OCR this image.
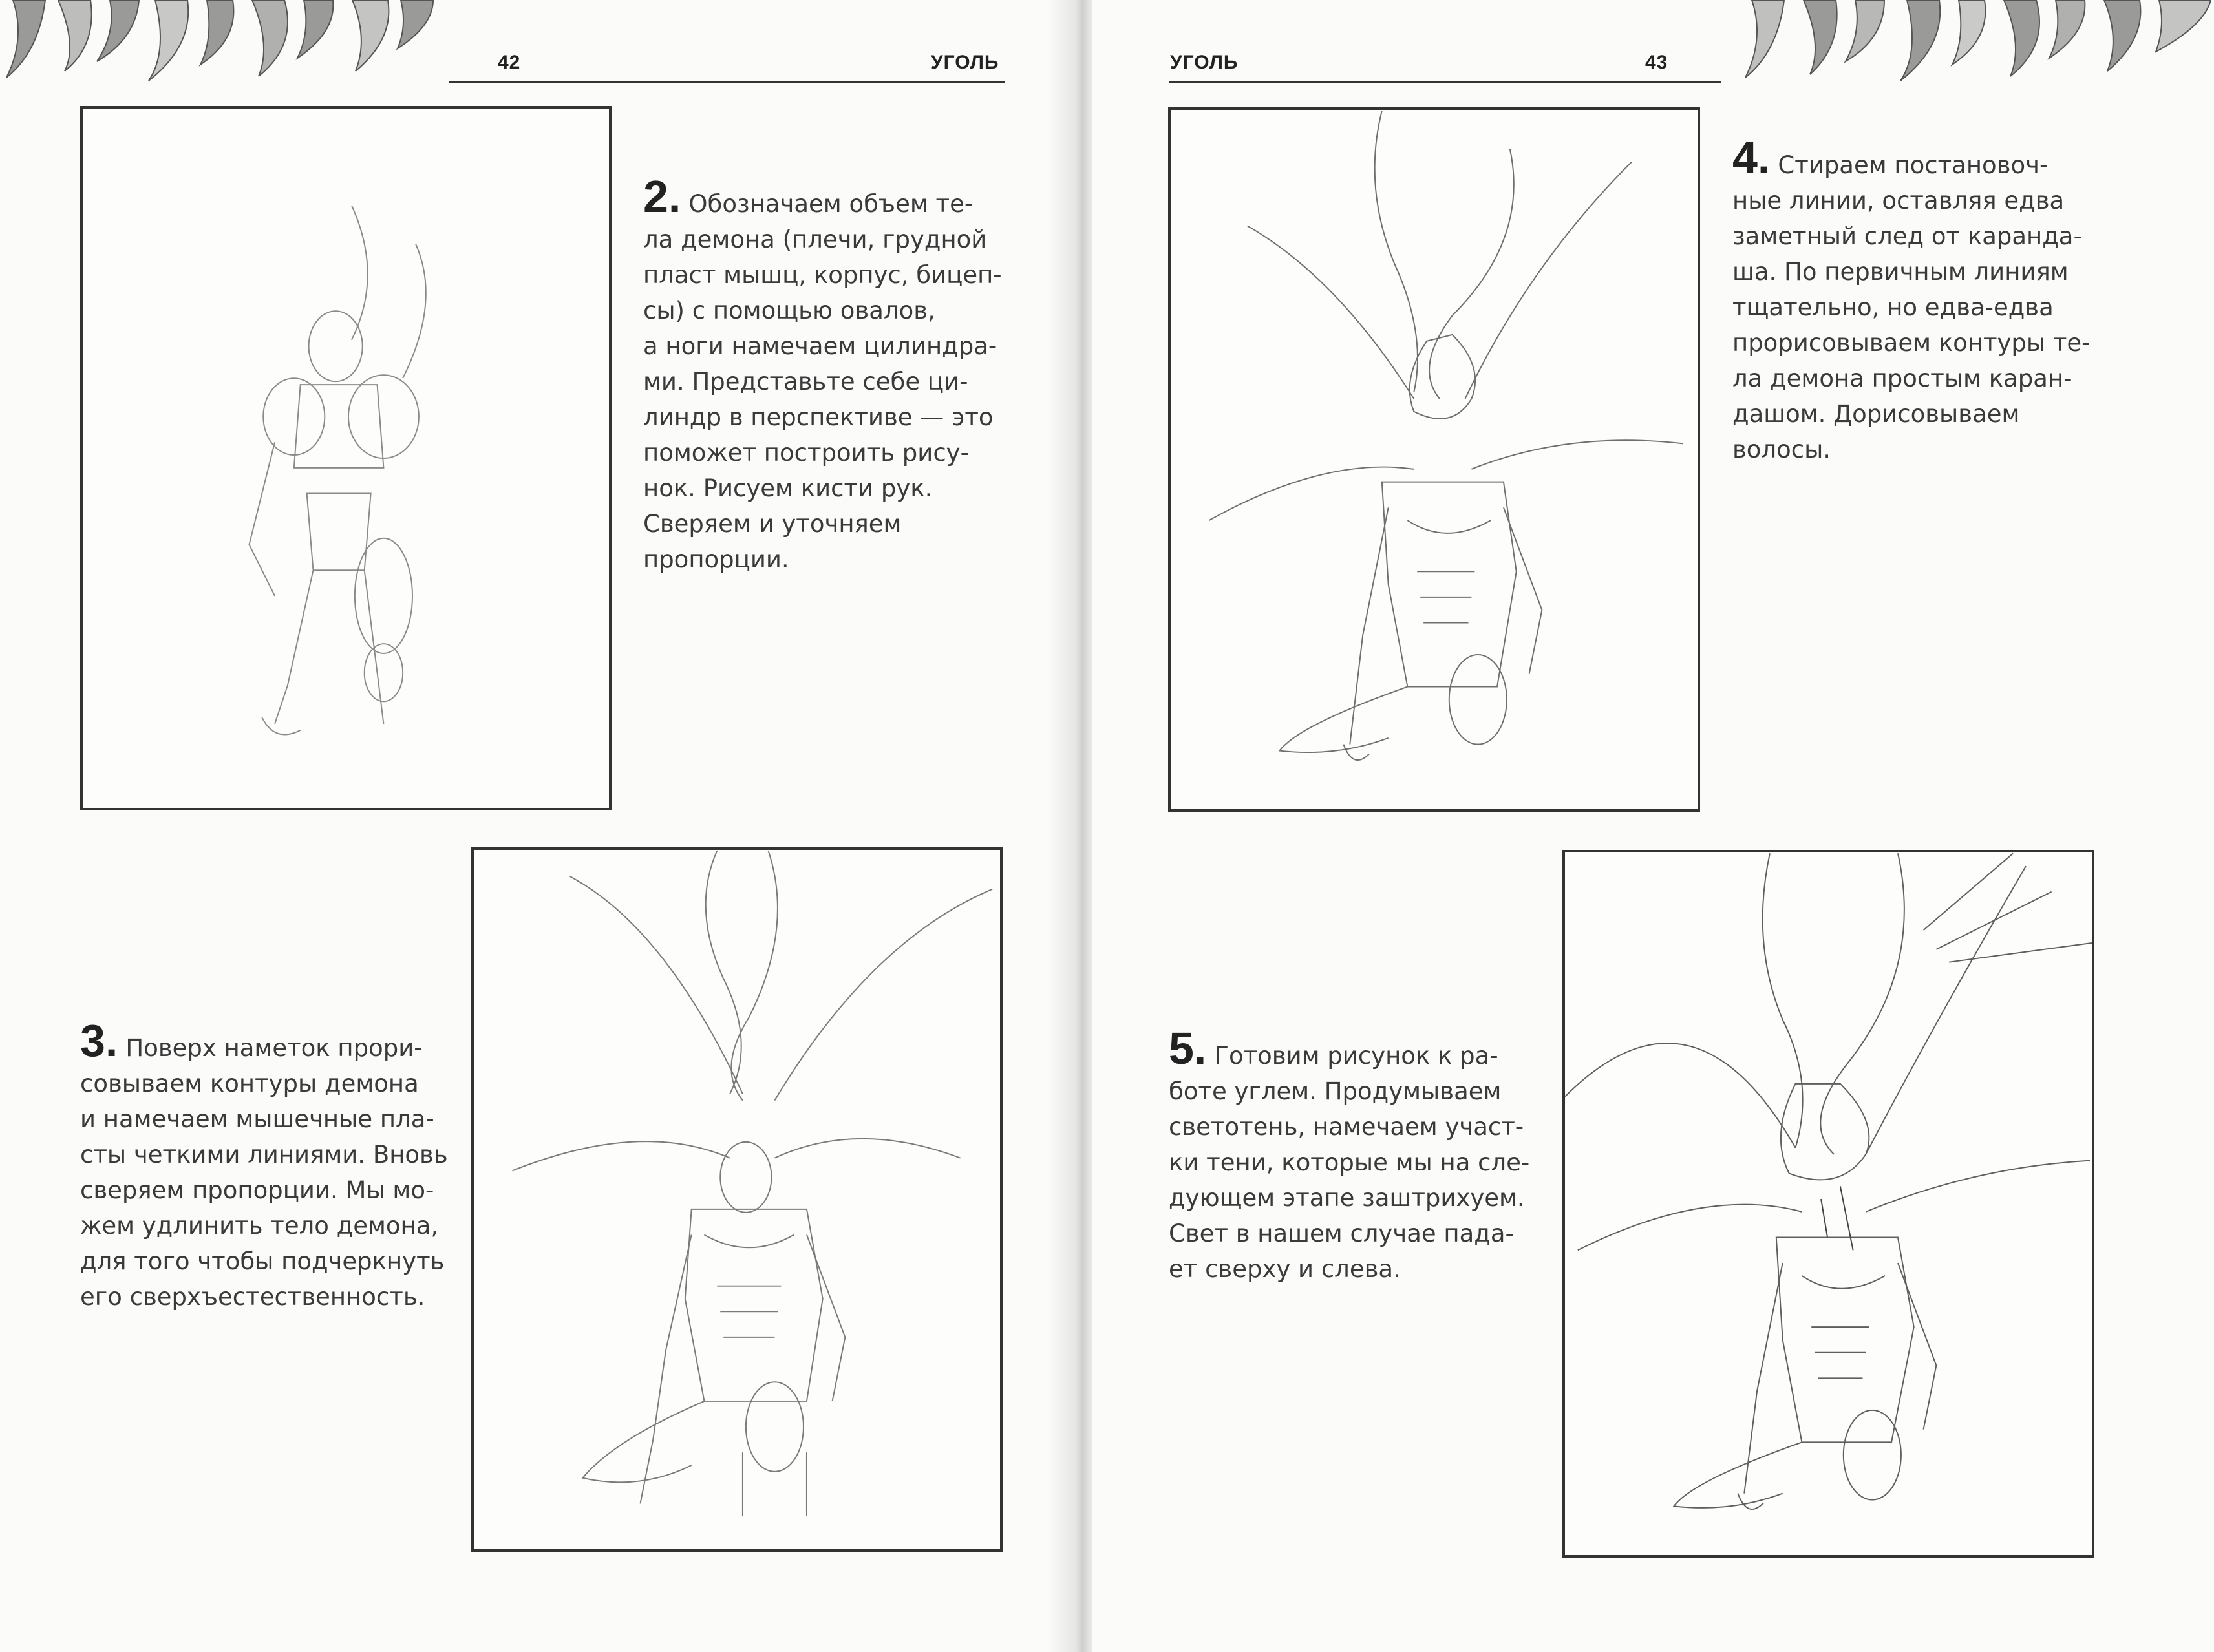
42	УГОЛЬ

2. Обозначаем объем те-
ла демона (плечи, грудной
пласт мышц, корпус, бицеп-
сы) с помощью овалов,
а ноги намечаем цилиндра-
ми. Представьте себе ци-
линдр в перспективе — это
поможет построить рису-
нок. Рисуем кисти рук.
Сверяем и уточняем
пропорции.

3. Поверх наметок прори-
совываем контуры демона
и намечаем мышечные пла-
сты четкими линиями. Вновь
сверяем пропорции. Мы мо-
жем удлинить тело демона,
для того чтобы подчеркнуть
его сверхъестественность.

УГОЛЬ	43

4. Стираем постановоч-
ные линии, оставляя едва
заметный след от каранда-
ша. По первичным линиям
тщательно, но едва-едва
прорисовываем контуры те-
ла демона простым каран-
дашом. Дорисовываем
волосы.

5. Готовим рисунок к ра-
боте углем. Продумываем
светотень, намечаем участ-
ки тени, которые мы на сле-
дующем этапе заштрихуем.
Свет в нашем случае пада-
ет сверху и слева.
